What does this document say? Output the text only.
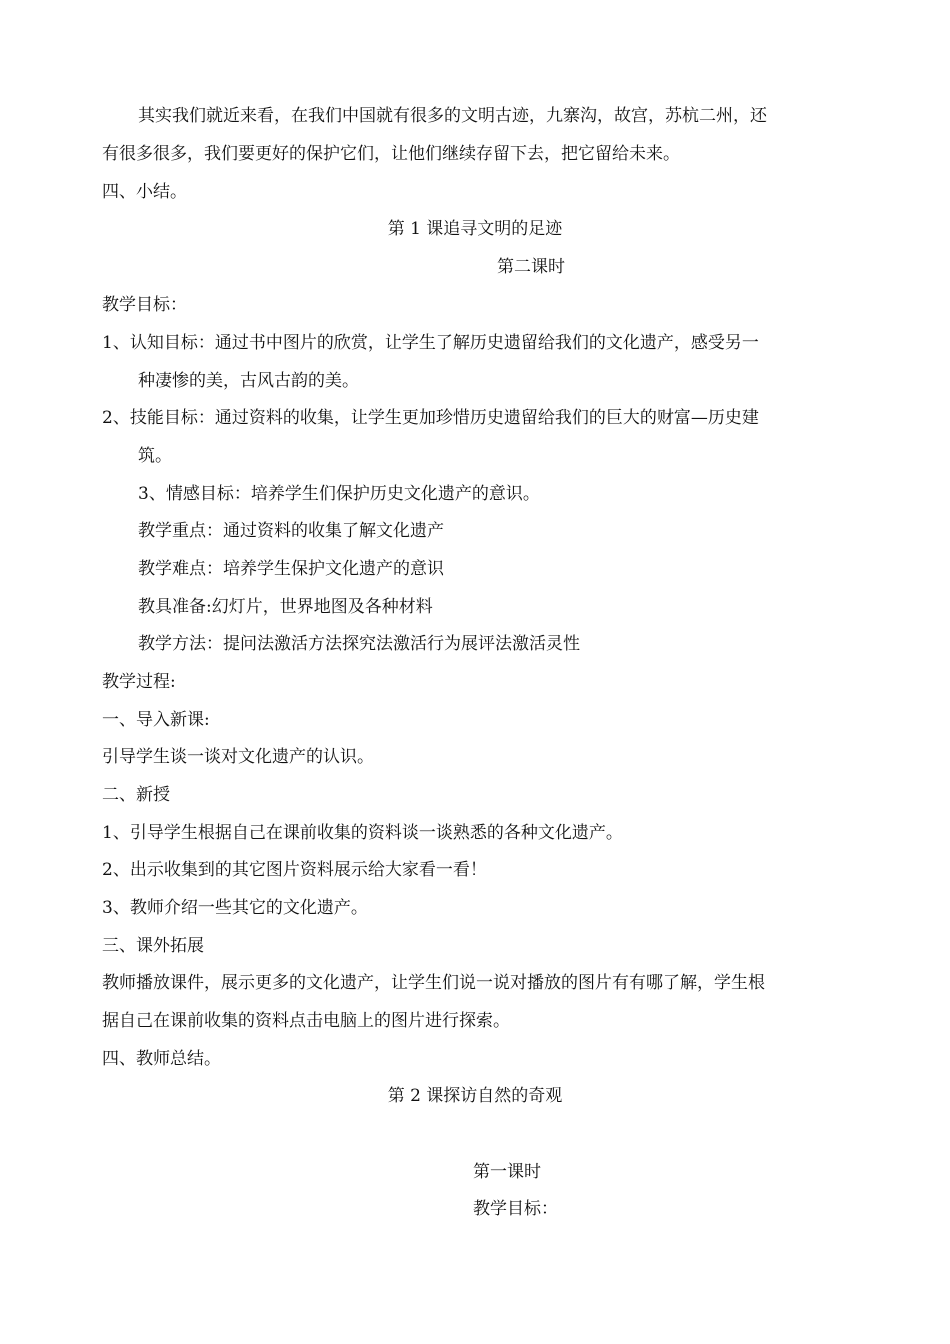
其实我们就近来看，在我们中国就有很多的文明古迹，九寨沟，故宫，苏杭二州，还
有很多很多，我们要更好的保护它们，让他们继续存留下去，把它留给未来。
四、小结。
第 1 课追寻文明的足迹
第二课时
教学目标：
1、认知目标：通过书中图片的欣赏，让学生了解历史遗留给我们的文化遗产，感受另一
种凄惨的美，古风古韵的美。
2、技能目标：通过资料的收集，让学生更加珍惜历史遗留给我们的巨大的财富—历史建
筑。
3、情感目标：培养学生们保护历史文化遗产的意识。
教学重点：通过资料的收集了解文化遗产
教学难点：培养学生保护文化遗产的意识
教具准备:幻灯片，世界地图及各种材料
教学方法：提问法激活方法探究法激活行为展评法激活灵性
教学过程:
一、导入新课:
引导学生谈一谈对文化遗产的认识。
二、新授
1、引导学生根据自己在课前收集的资料谈一谈熟悉的各种文化遗产。
2、出示收集到的其它图片资料展示给大家看一看！
3、教师介绍一些其它的文化遗产。
三、课外拓展
教师播放课件，展示更多的文化遗产，让学生们说一说对播放的图片有有哪了解，学生根
据自己在课前收集的资料点击电脑上的图片进行探索。
四、教师总结。
第 2 课探访自然的奇观
第一课时
教学目标：
